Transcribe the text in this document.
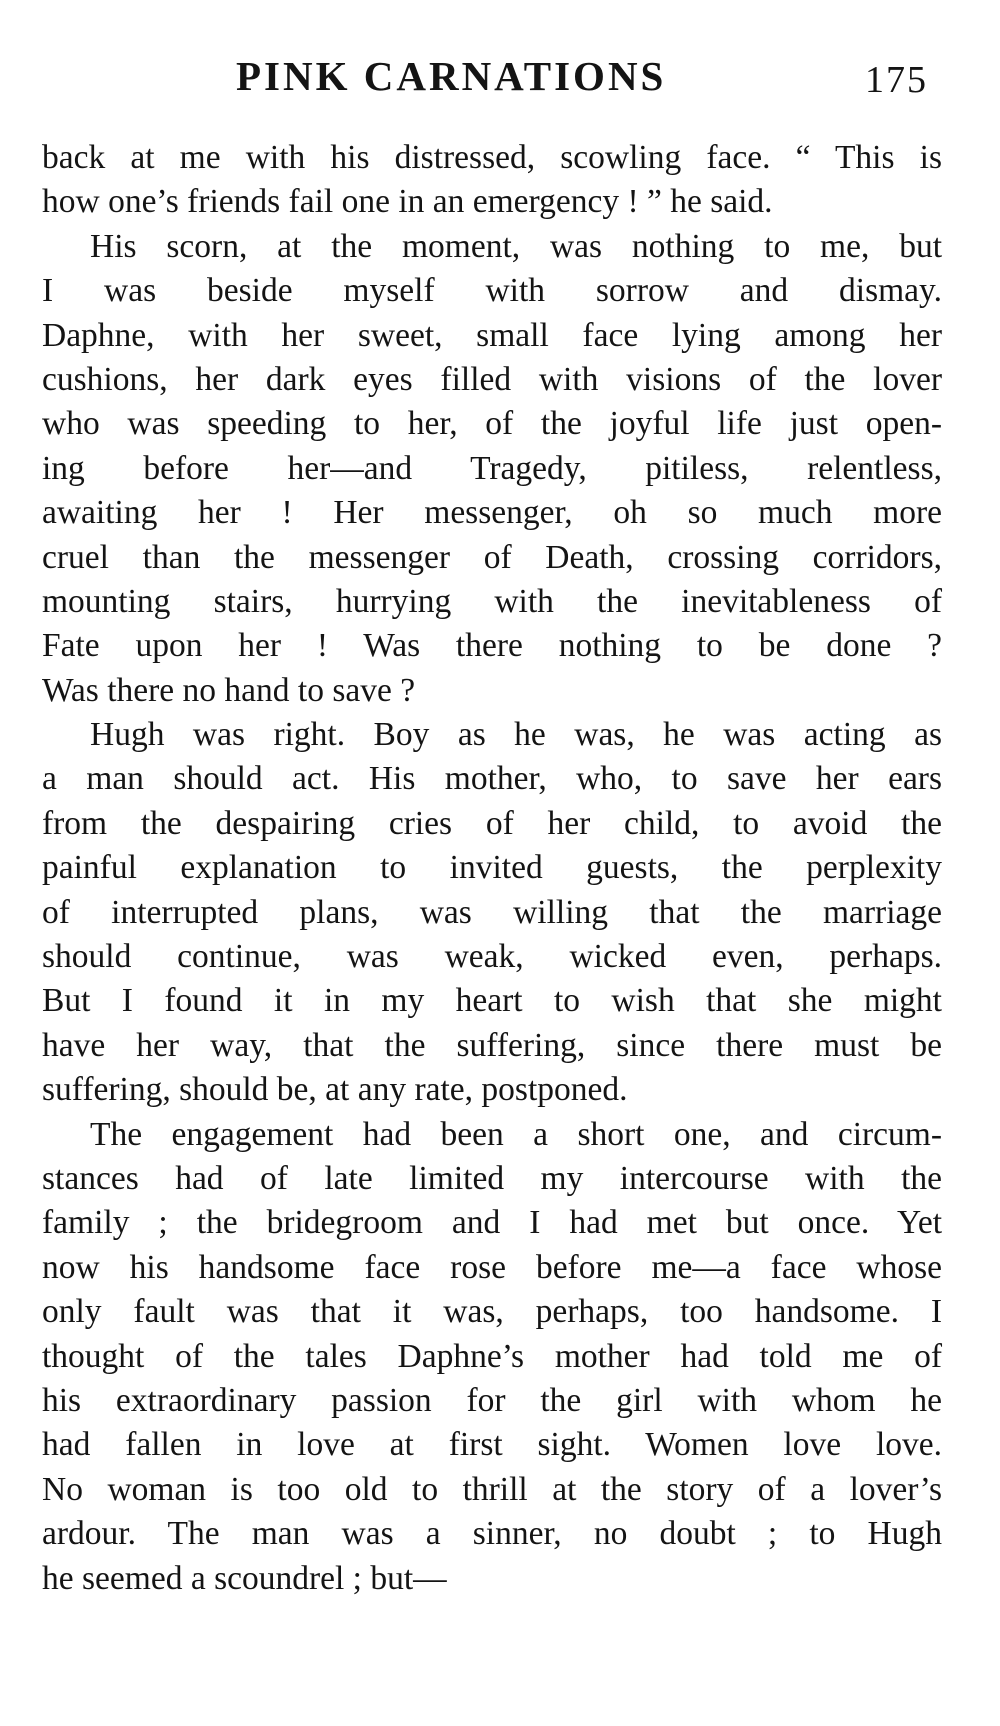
PINK CARNATIONS	175
back at me with his distressed, scowling face. “ This is
how one’s friends fail one in an emergency ! ” he said.
His scorn, at the moment, was nothing to me, but
I was beside myself with sorrow and dismay.
Daphne, with her sweet, small face lying among her
cushions, her dark eyes filled with visions of the lover
who was speeding to her, of the joyful life just open-
ing before her—and Tragedy, pitiless, relentless,
awaiting her ! Her messenger, oh so much more
cruel than the messenger of Death, crossing corridors,
mounting stairs, hurrying with the inevitableness of
Fate upon her ! Was there nothing to be done ?
Was there no hand to save ?
Hugh was right. Boy as he was, he was acting as
a man should act. His mother, who, to save her ears
from the despairing cries of her child, to avoid the
painful explanation to invited guests, the perplexity
of interrupted plans, was willing that the marriage
should continue, was weak, wicked even, perhaps.
But I found it in my heart to wish that she might
have her way, that the suffering, since there must be
suffering, should be, at any rate, postponed.
The engagement had been a short one, and circum-
stances had of late limited my intercourse with the
family ; the bridegroom and I had met but once. Yet
now his handsome face rose before me—a face whose
only fault was that it was, perhaps, too handsome. I
thought of the tales Daphne’s mother had told me of
his extraordinary passion for the girl with whom he
had fallen in love at first sight. Women love love.
No woman is too old to thrill at the story of a lover’s
ardour. The man was a sinner, no doubt ; to Hugh
he seemed a scoundrel ; but—
